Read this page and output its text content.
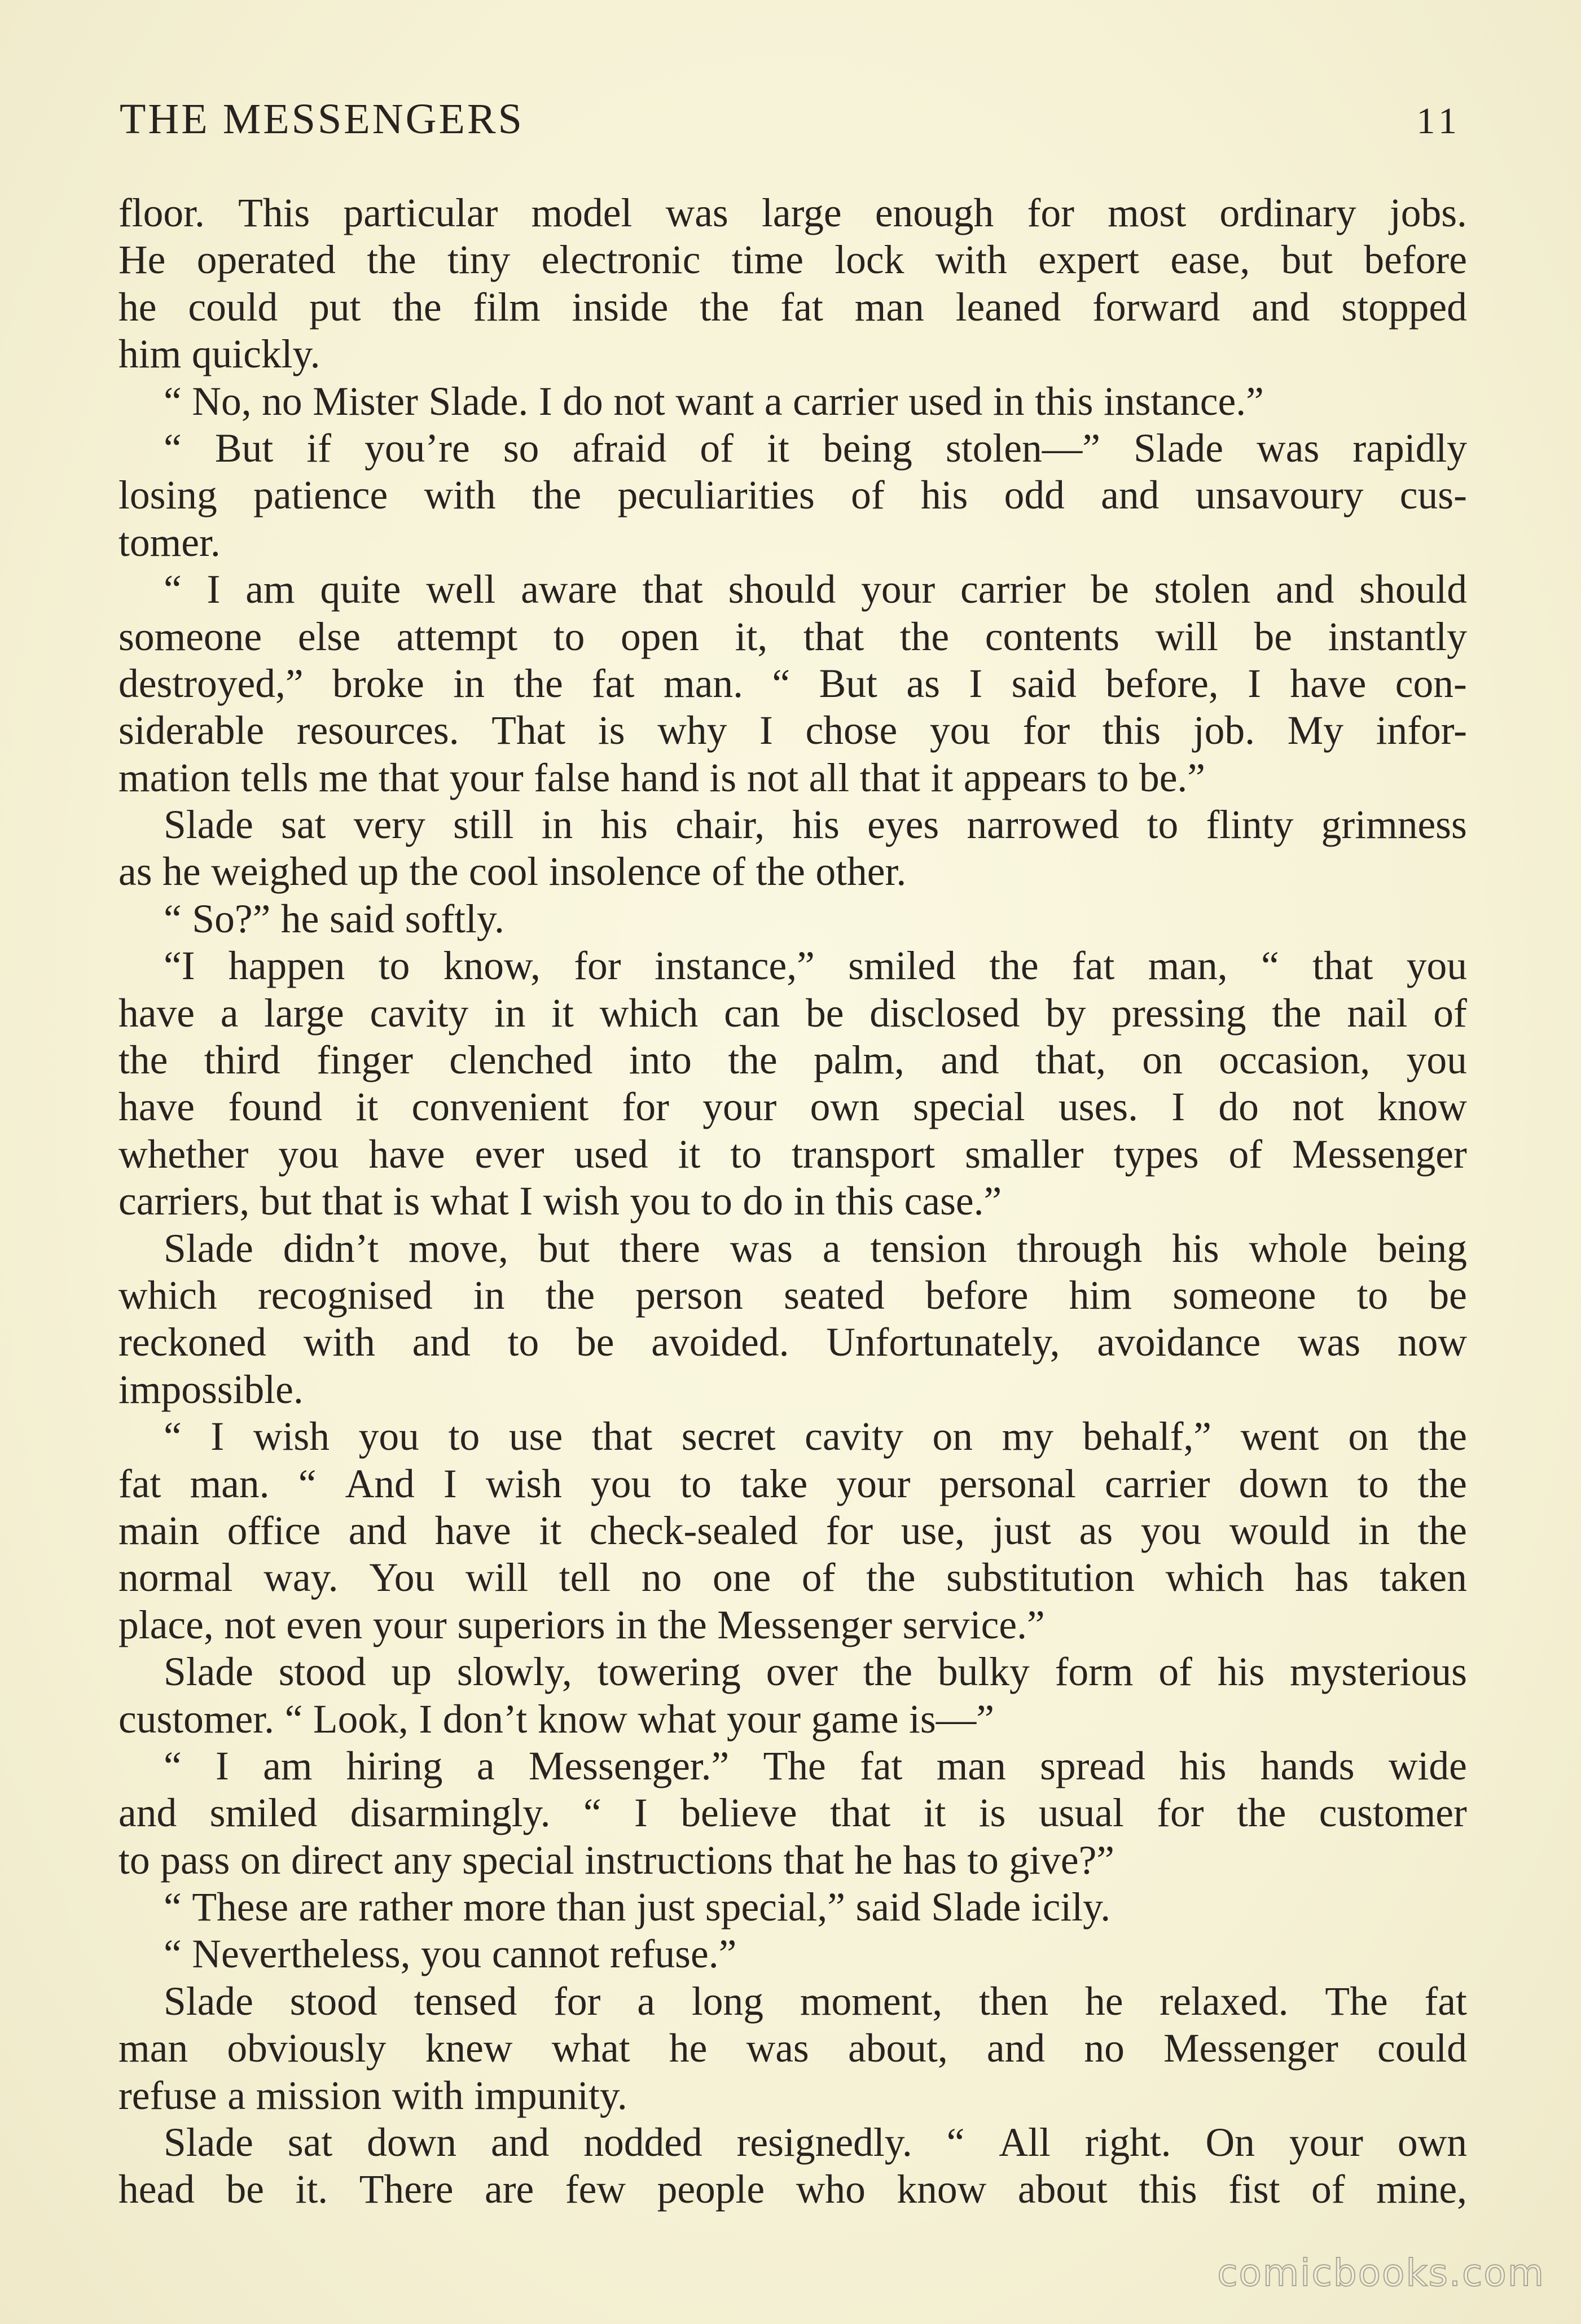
THE MESSENGERS	11
floor. This particular model was large enough for most ordinary jobs.
He operated the tiny electronic time lock with expert ease, but before
he could put the film inside the fat man leaned forward and stopped
him quickly.
“ No, no Mister Slade. I do not want a carrier used in this instance.”
“ But if you’re so afraid of it being stolen—” Slade was rapidly
losing patience with the peculiarities of his odd and unsavoury cus-
tomer.
“ I am quite well aware that should your carrier be stolen and should
someone else attempt to open it, that the contents will be instantly
destroyed,” broke in the fat man. “ But as I said before, I have con-
siderable resources. That is why I chose you for this job. My infor-
mation tells me that your false hand is not all that it appears to be.”
Slade sat very still in his chair, his eyes narrowed to flinty grimness
as he weighed up the cool insolence of the other.
“ So?” he said softly.
“I happen to know, for instance,” smiled the fat man, “ that you
have a large cavity in it which can be disclosed by pressing the nail of
the third finger clenched into the palm, and that, on occasion, you
have found it convenient for your own special uses. I do not know
whether you have ever used it to transport smaller types of Messenger
carriers, but that is what I wish you to do in this case.”
Slade didn’t move, but there was a tension through his whole being
which recognised in the person seated before him someone to be
reckoned with and to be avoided. Unfortunately, avoidance was now
impossible.
“ I wish you to use that secret cavity on my behalf,” went on the
fat man. “ And I wish you to take your personal carrier down to the
main office and have it check-sealed for use, just as you would in the
normal way. You will tell no one of the substitution which has taken
place, not even your superiors in the Messenger service.”
Slade stood up slowly, towering over the bulky form of his mysterious
customer. “ Look, I don’t know what your game is—”
“ I am hiring a Messenger.” The fat man spread his hands wide
and smiled disarmingly. “ I believe that it is usual for the customer
to pass on direct any special instructions that he has to give?”
“ These are rather more than just special,” said Slade icily.
“ Nevertheless, you cannot refuse.”
Slade stood tensed for a long moment, then he relaxed. The fat
man obviously knew what he was about, and no Messenger could
refuse a mission with impunity.
Slade sat down and nodded resignedly. “ All right. On your own
head be it. There are few people who know about this fist of mine,
comicbooks.com
